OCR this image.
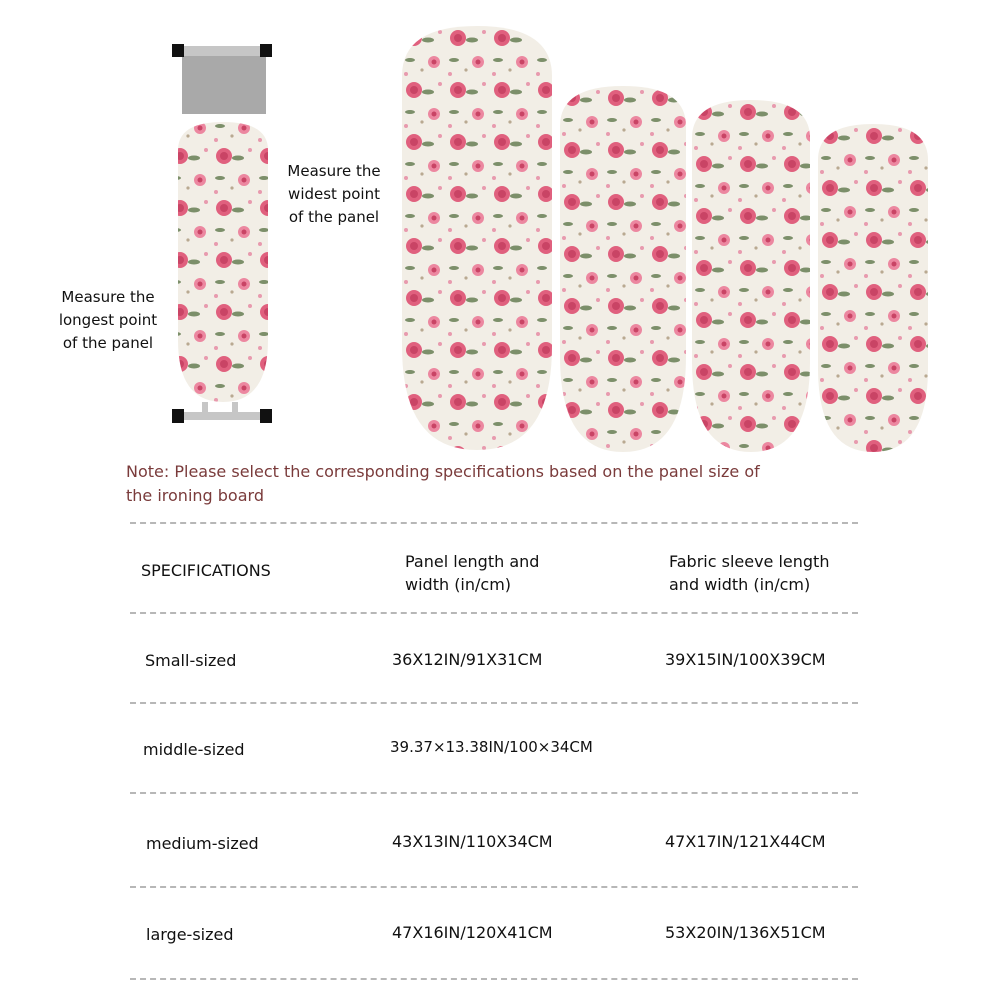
Measure the
widest point
of the panel
Measure the
longest point
of the panel
Note: Please select the corresponding specifications based on the panel size of
the ironing board
SPECIFICATIONS	Panel length and
width (in/cm)
Fabric sleeve length
and width (in/cm)
Small-sized	36X12IN/91X31CM	39X15IN/100X39CM
middle-sized	39.37×13.38IN/100×34CM
medium-sized	43X13IN/110X34CM	47X17IN/121X44CM
large-sized	47X16IN/120X41CM	53X20IN/136X51CM
